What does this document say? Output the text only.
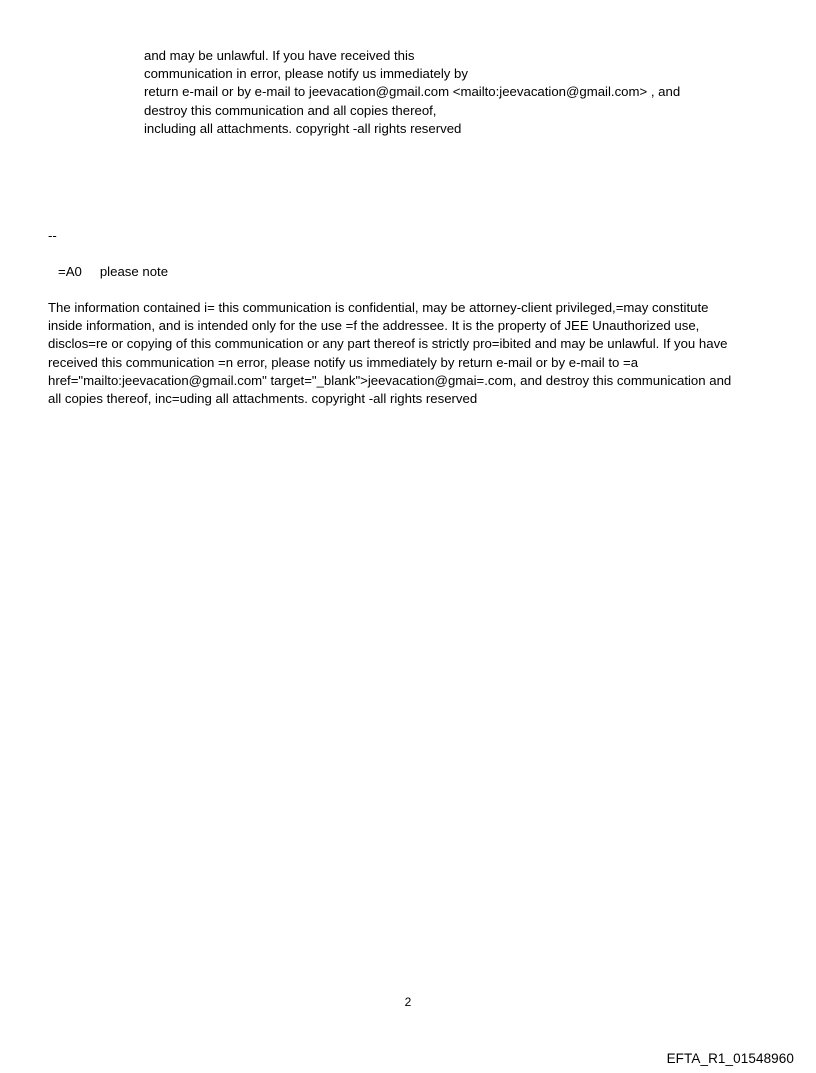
and may be unlawful. If you have received this
communication in error, please notify us immediately by
return e-mail or by e-mail to jeevacation@gmail.com <mailto:jeevacation@gmail.com> , and
destroy this communication and all copies thereof,
including all attachments. copyright -all rights reserved
--
=A0 please note
The information contained i= this communication is confidential, may be attorney-client privileged,=may constitute
inside information, and is intended only for the use =f the addressee. It is the property of JEE Unauthorized use,
disclos=re or copying of this communication or any part thereof is strictly pro=ibited and may be unlawful. If you have
received this communication =n error, please notify us immediately by return e-mail or by e-mail to =a
href="mailto:jeevacation@gmail.com" target="_blank">jeevacation@gmai=.com, and destroy this communication and
all copies thereof, inc=uding all attachments. copyright -all rights reserved
2
EFTA_R1_01548960
